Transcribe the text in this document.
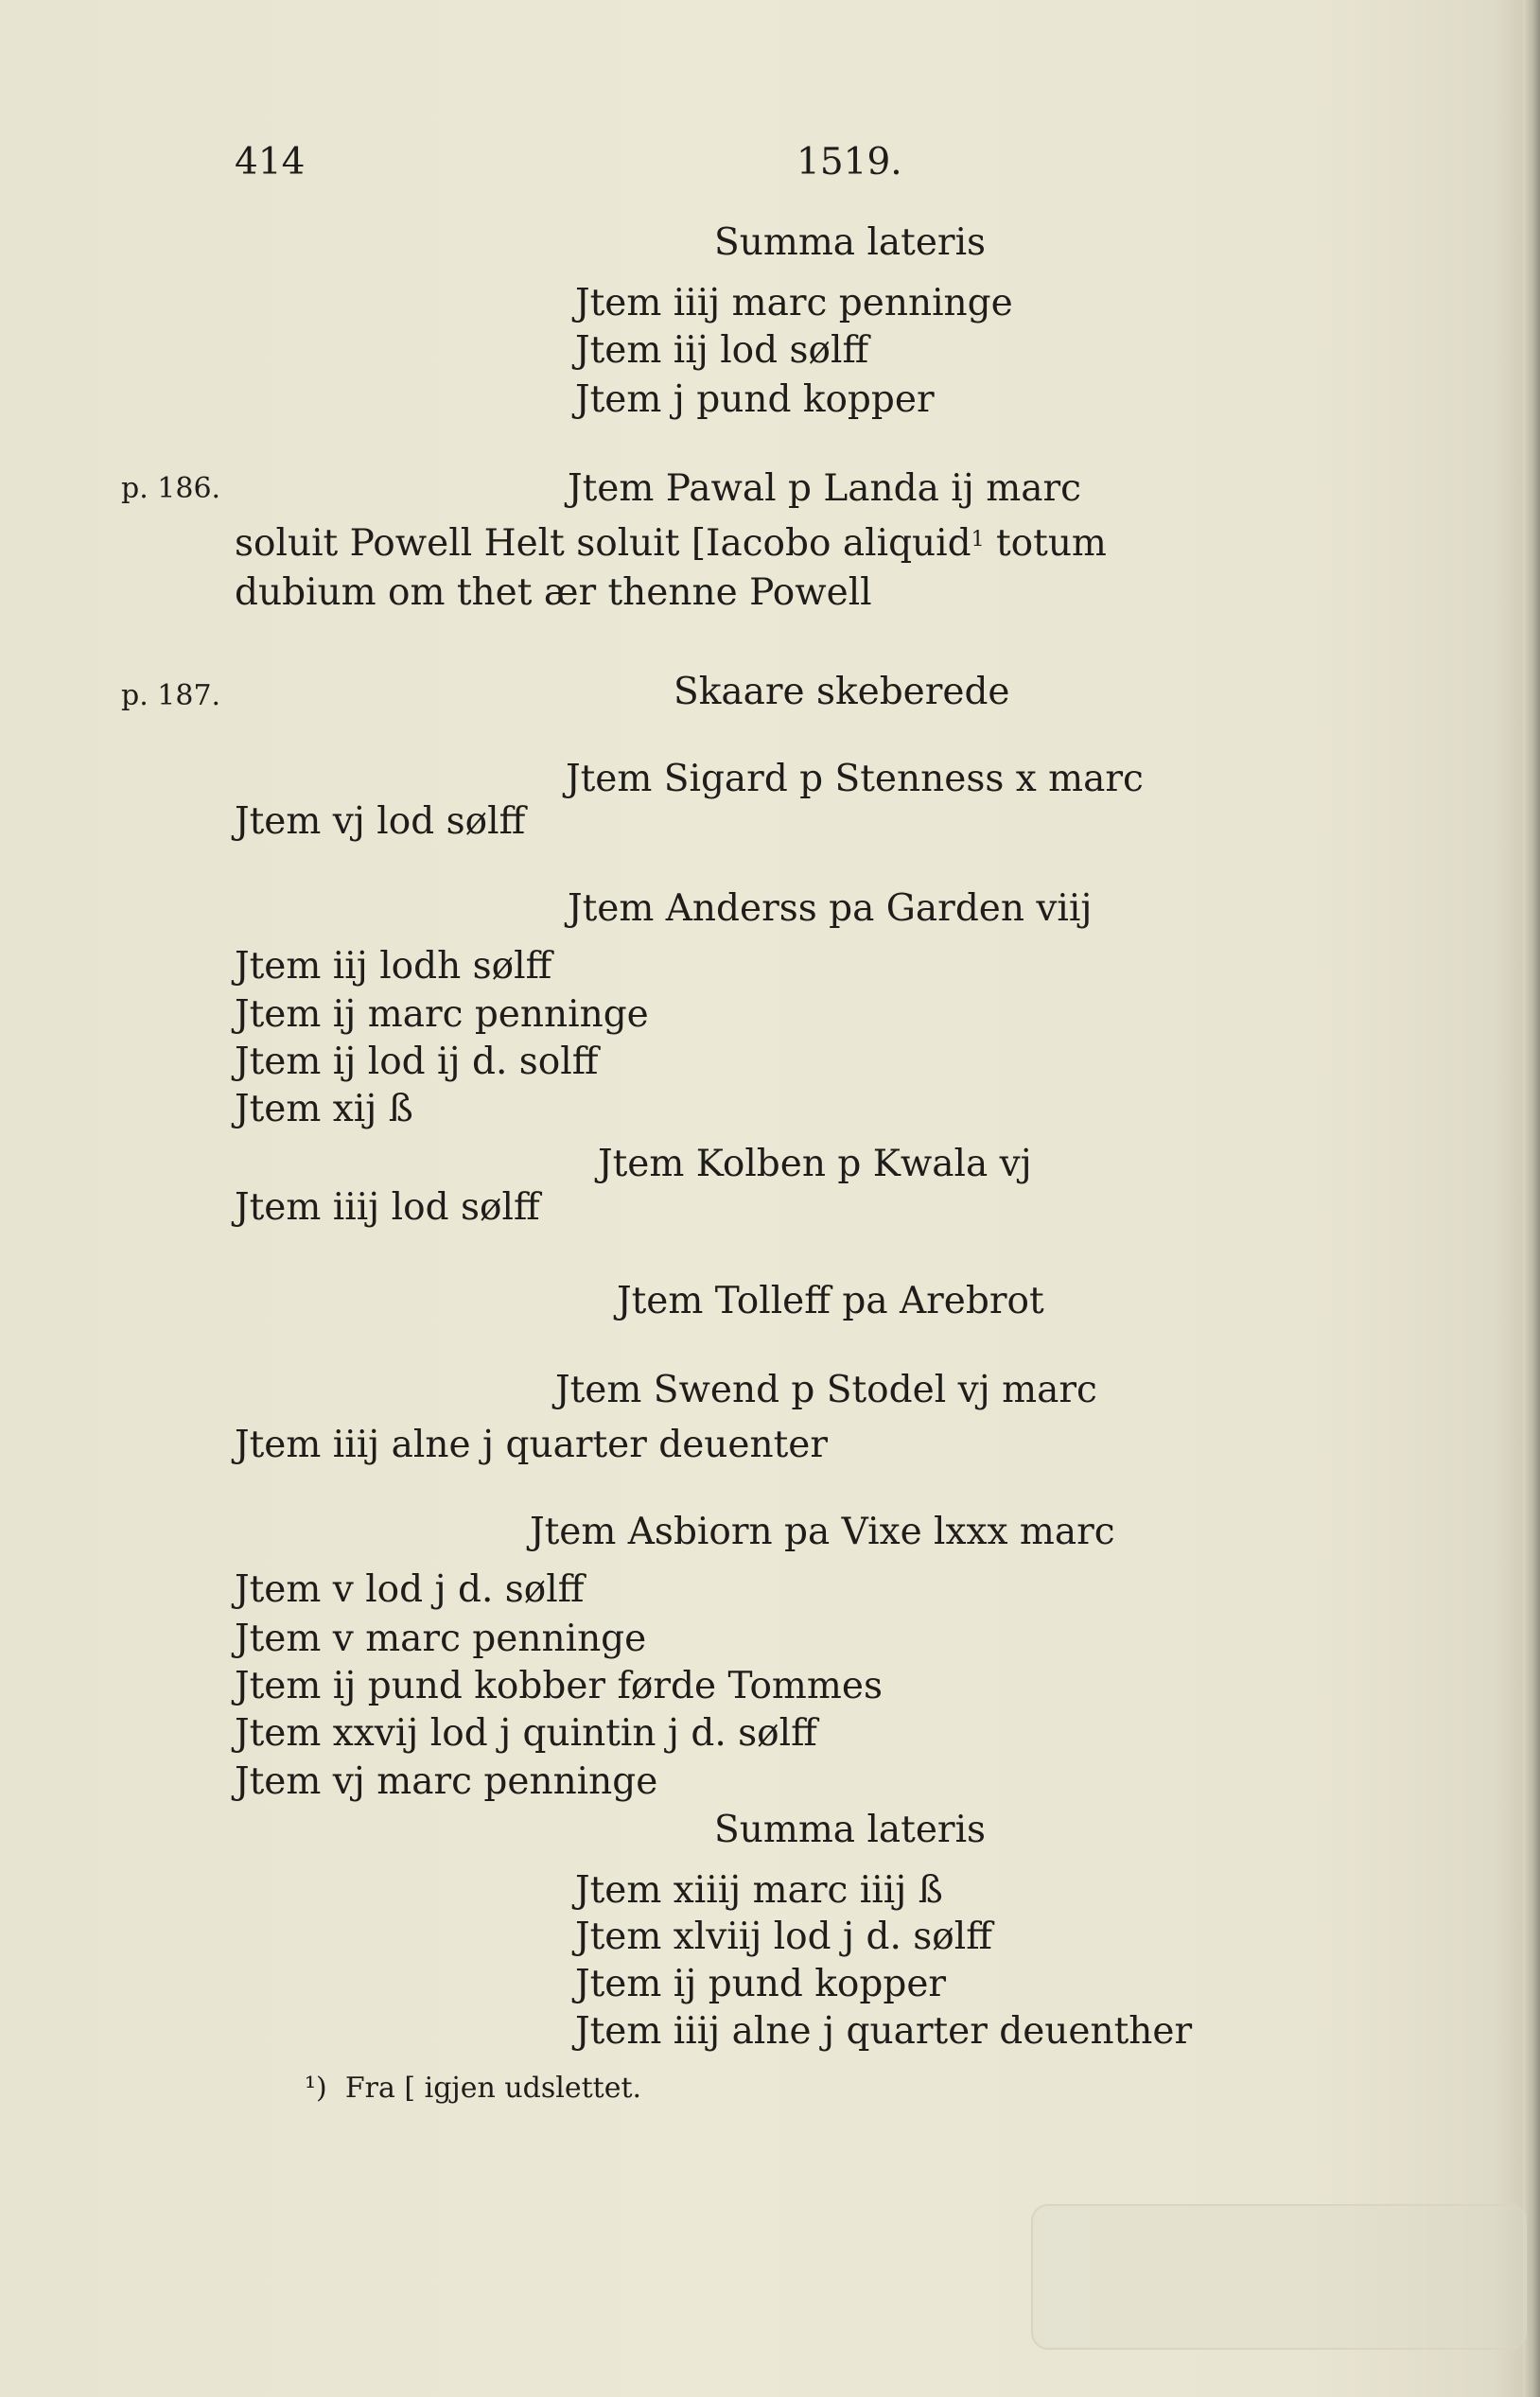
414	1519.
Summa lateris
Jtem iiij marc penninge
Jtem iij lod sølff
Jtem j pund kopper
p. 186.	Jtem Pawal p Landa ij marc
soluit Powell Helt soluit [Iacobo aliquid$^1$ totum
dubium om thet ær thenne Powell
p. 187.	Skaare skeberede
Jtem Sigard p Stenness x marc
Jtem vj lod sølff
Jtem Anderss pa Garden viij
Jtem iij lodh sølff
Jtem ij marc penninge
Jtem ij lod ij d. solff
Jtem xij ß
Jtem Kolben p Kwala vj
Jtem iiij lod sølff
Jtem Tolleff pa Arebrot
Jtem Swend p Stodel vj marc
Jtem iiij alne j quarter deuenter
Jtem Asbiorn pa Vixe lxxx marc
Jtem v lod j d. sølff
Jtem v marc penninge
Jtem ij pund kobber førde Tommes
Jtem xxvij lod j quintin j d. sølff
Jtem vj marc penninge
Summa lateris
Jtem xiiij marc iiij ß
Jtem xlviij lod j d. sølff
Jtem ij pund kopper
Jtem iiij alne j quarter deuenther
¹) Fra [ igjen udslettet.
